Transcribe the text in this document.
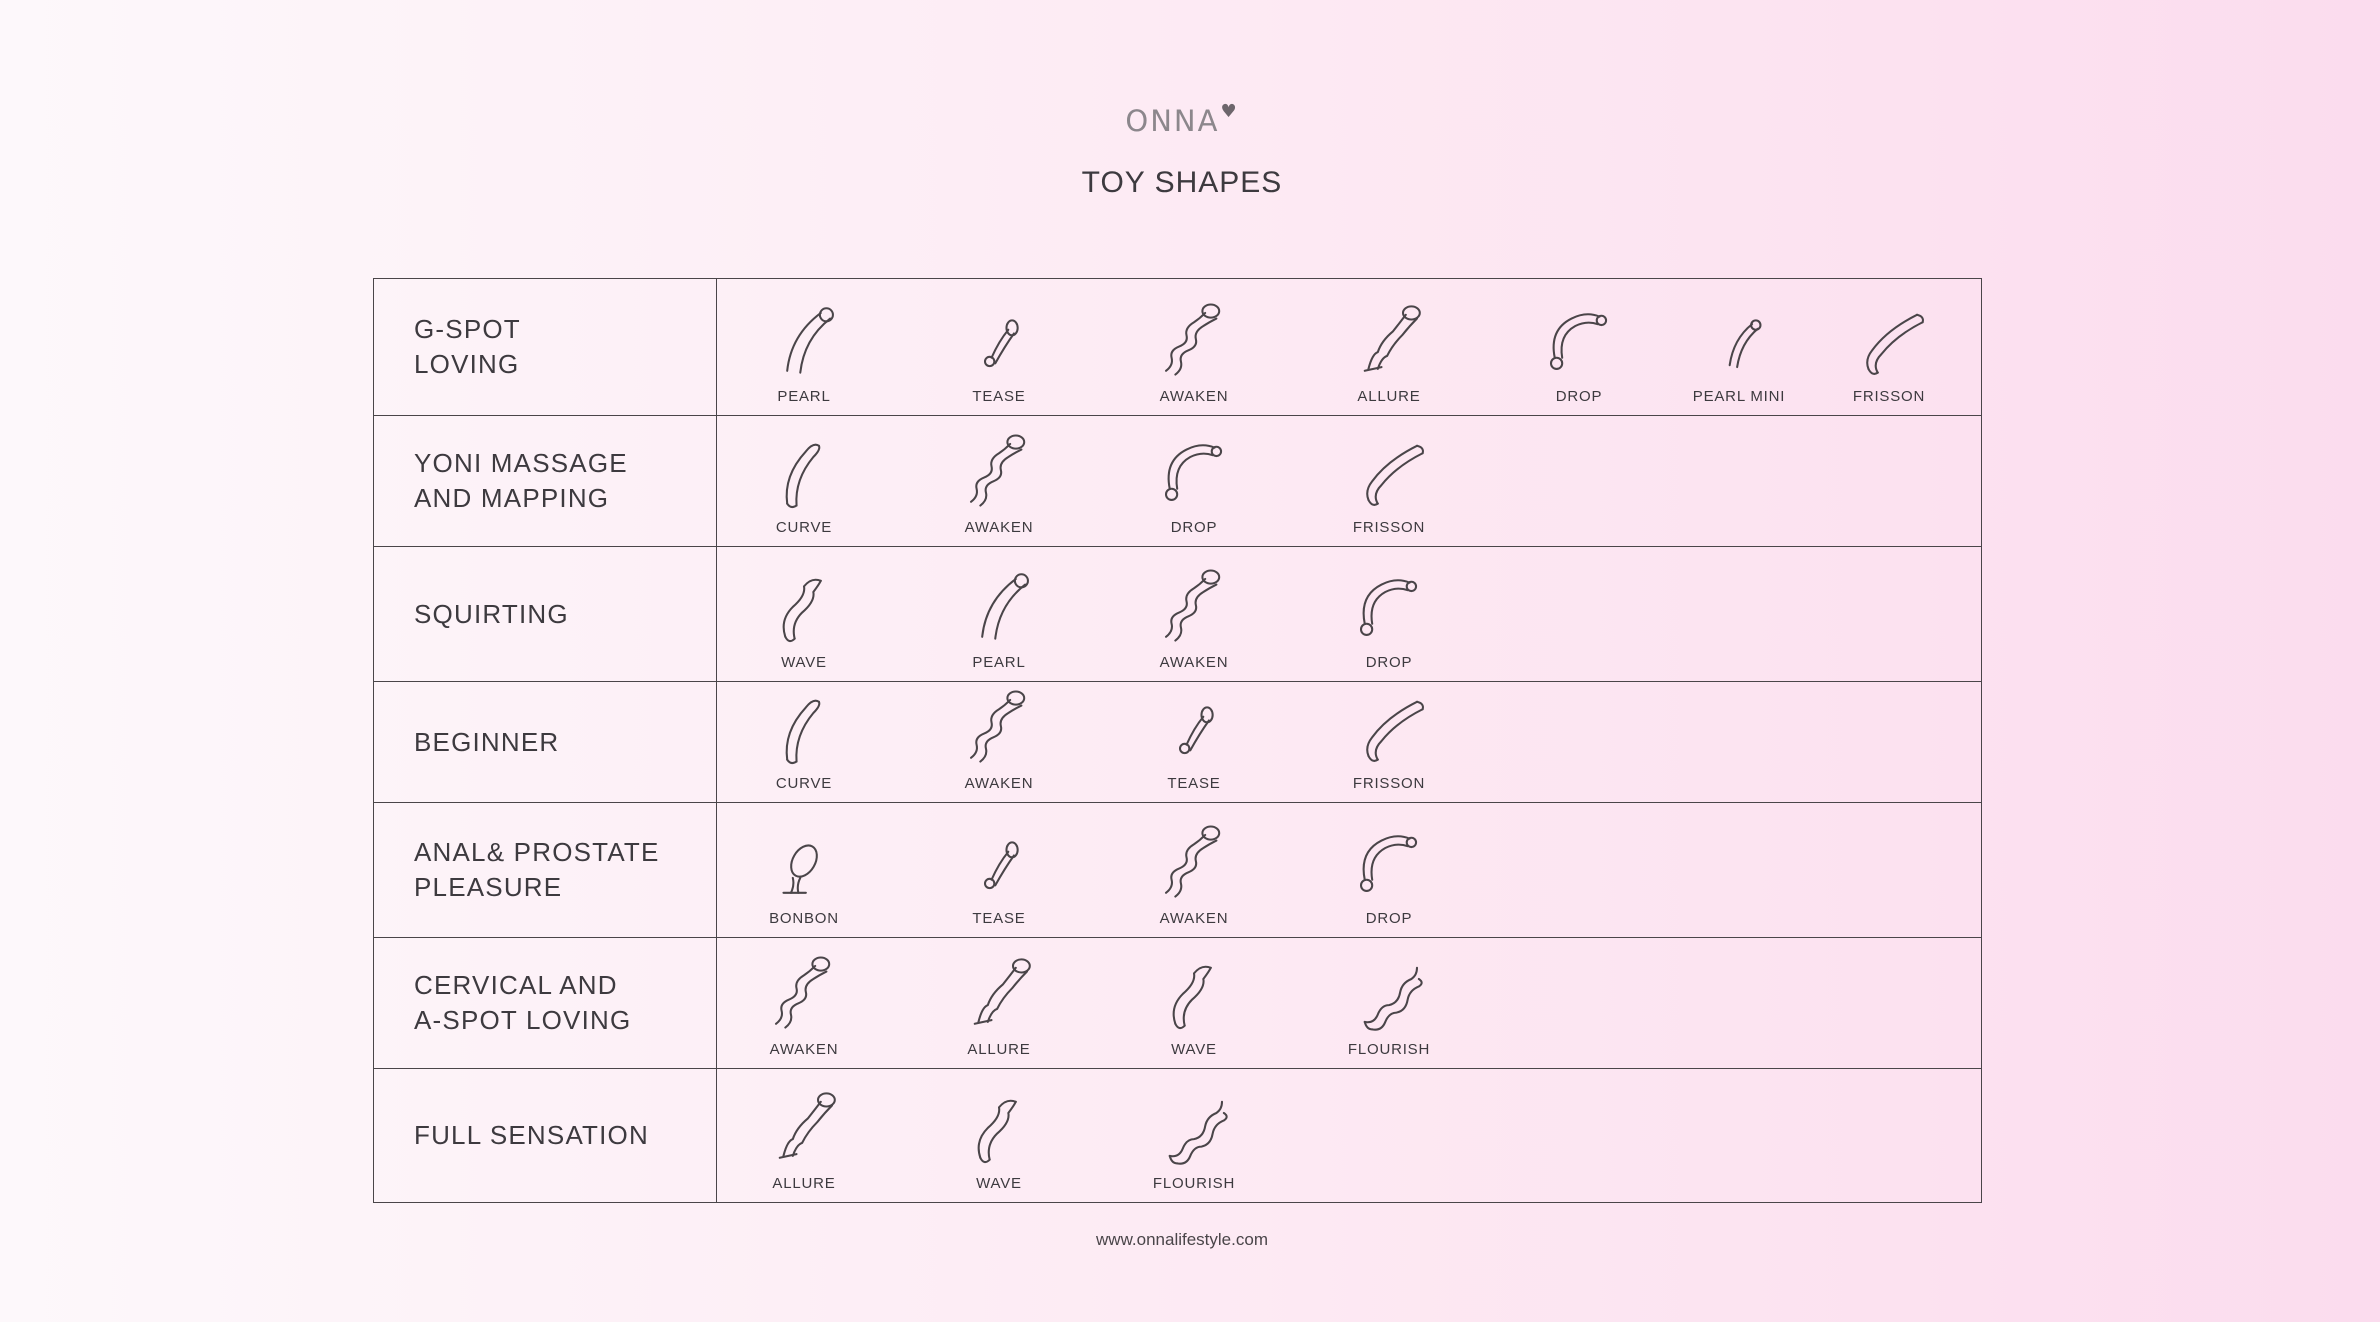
ONNA♥
TOY SHAPES
G-SPOT
LOVING
PEARL	TEASE	AWAKEN	ALLURE	DROP	PEARL MINI	FRISSON
YONI MASSAGE
AND MAPPING
CURVE	AWAKEN	DROP	FRISSON
SQUIRTING
WAVE	PEARL	AWAKEN	DROP
BEGINNER
CURVE	AWAKEN	TEASE	FRISSON
ANAL& PROSTATE
PLEASURE
BONBON	TEASE	AWAKEN	DROP
CERVICAL AND
A-SPOT LOVING
AWAKEN	ALLURE	WAVE	FLOURISH
FULL SENSATION
ALLURE	WAVE	FLOURISH
www.onnalifestyle.com
